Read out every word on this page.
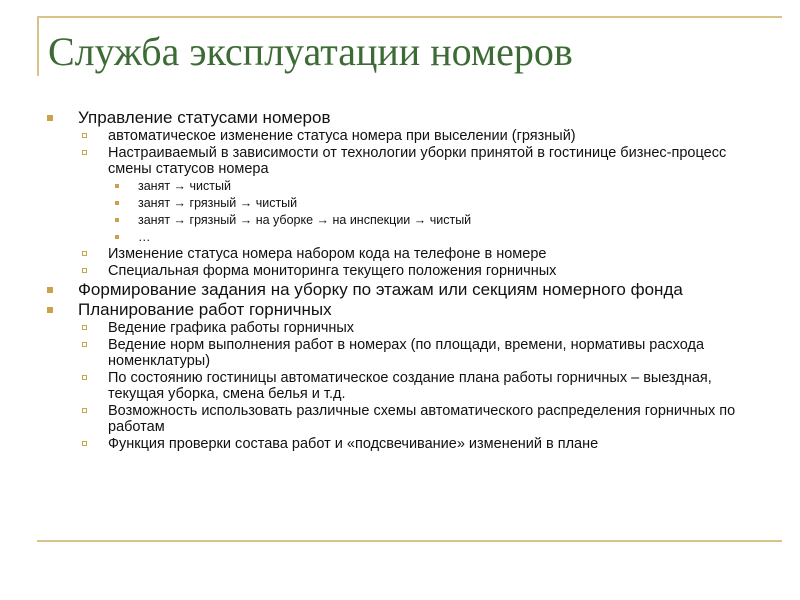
Служба эксплуатации номеров
Управление статусами номеров
автоматическое изменение статуса номера при выселении (грязный)
Настраиваемый в зависимости от технологии уборки принятой в гостинице бизнес-процесс смены статусов номера
занят → чистый
занят → грязный → чистый
занят → грязный → на уборке → на инспекции → чистый
…
Изменение статуса номера набором кода на телефоне в номере
Специальная форма мониторинга текущего положения горничных
Формирование задания на уборку по этажам или секциям номерного фонда
Планирование работ горничных
Ведение графика работы горничных
Ведение норм выполнения работ в номерах (по площади, времени, нормативы расхода номенклатуры)
По состоянию гостиницы автоматическое создание плана работы горничных – выездная, текущая уборка, смена белья и т.д.
Возможность использовать различные схемы автоматического распределения горничных по работам
Функция проверки состава работ и «подсвечивание» изменений в плане
